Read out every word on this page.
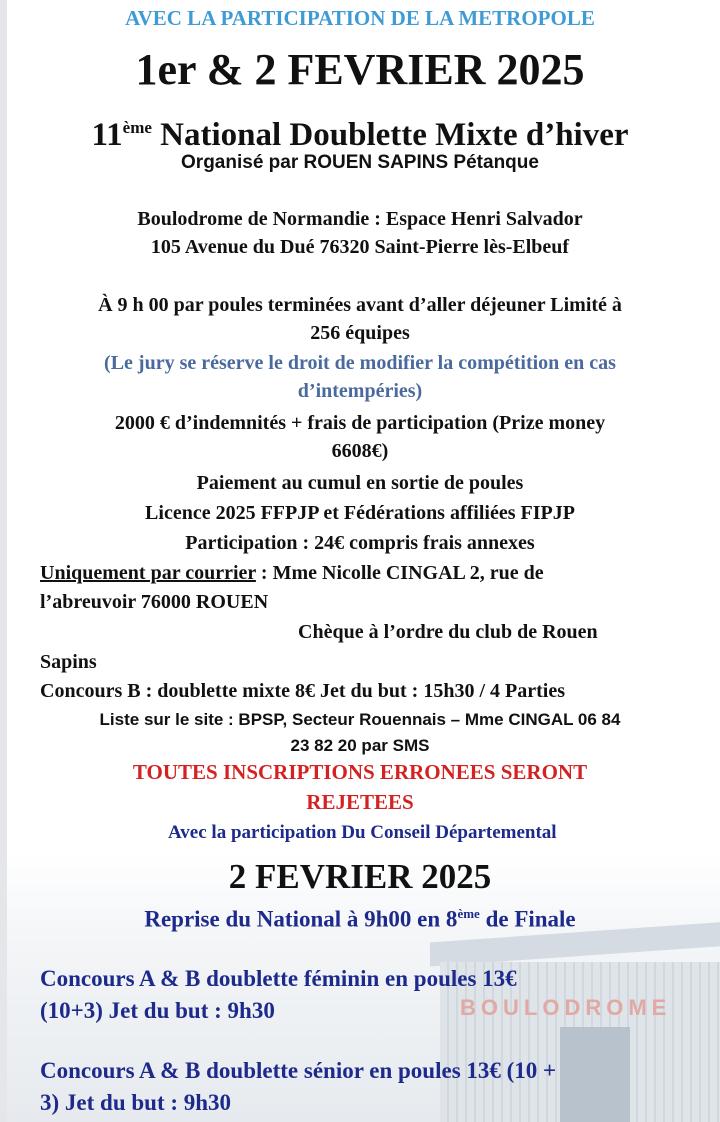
BOULODROME
AVEC LA PARTICIPATION DE LA METROPOLE
1er & 2 FEVRIER 2025
11ème National Doublette Mixte d’hiver
Organisé par ROUEN SAPINS Pétanque
Boulodrome de Normandie : Espace Henri Salvador
105 Avenue du Dué 76320 Saint-Pierre lès-Elbeuf
À 9 h 00 par poules terminées avant d’aller déjeuner Limité à
256 équipes
(Le jury se réserve le droit de modifier la compétition en cas
d’intempéries)
2000 € d’indemnités + frais de participation (Prize money
6608€)
Paiement au cumul en sortie de poules
Licence 2025 FFPJP et Fédérations affiliées FIPJP
Participation : 24€ compris frais annexes
Uniquement par courrier : Mme Nicolle CINGAL 2, rue de
l’abreuvoir 76000 ROUEN
Chèque à l’ordre du club de Rouen
Sapins
Concours B : doublette mixte 8€ Jet du but : 15h30 / 4 Parties
Liste sur le site : BPSP, Secteur Rouennais – Mme CINGAL 06 84
23 82 20 par SMS
TOUTES INSCRIPTIONS ERRONEES SERONT
REJETEES
Avec la participation Du Conseil Départemental
2 FEVRIER 2025
Reprise du National à 9h00 en 8ème de Finale
Concours A & B doublette féminin en poules 13€
(10+3) Jet du but : 9h30
Concours A & B doublette sénior en poules 13€ (10 +
3) Jet du but : 9h30
